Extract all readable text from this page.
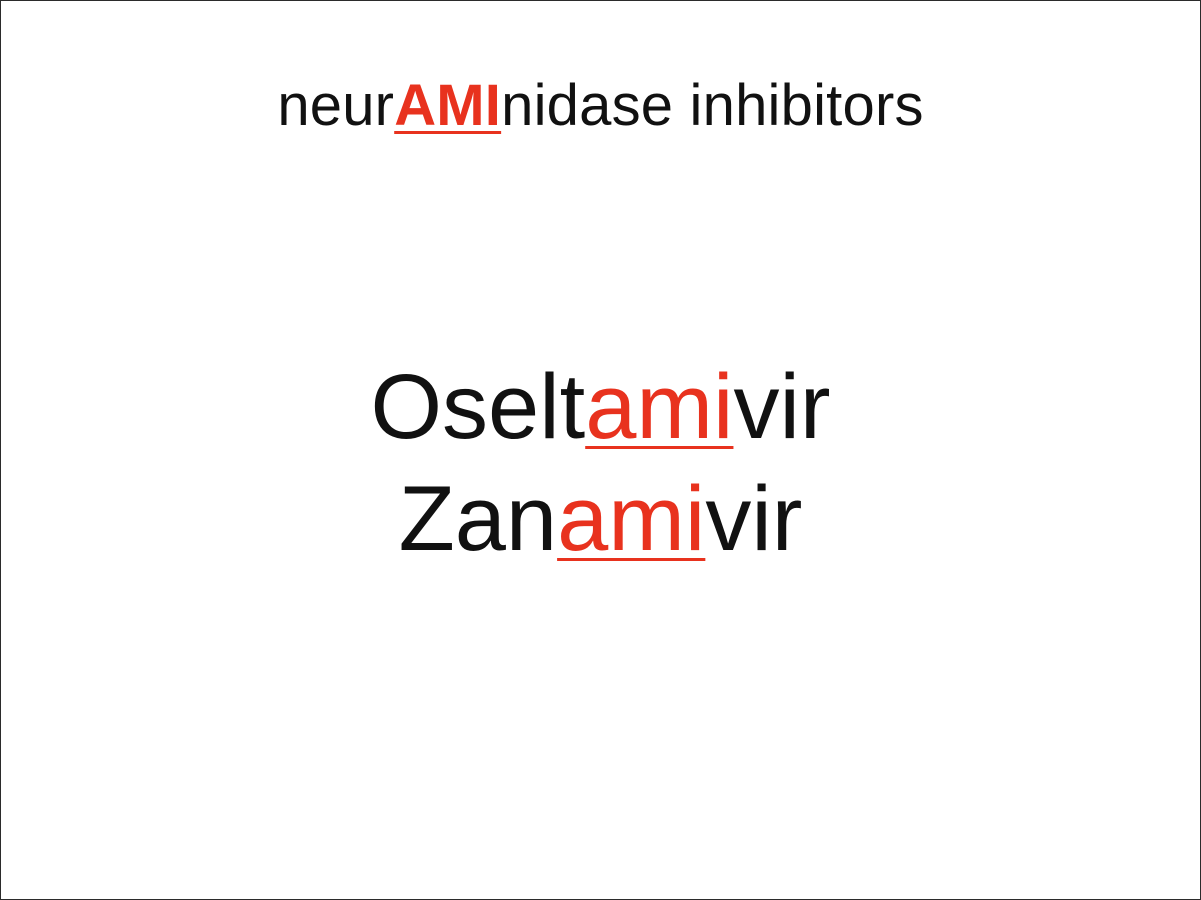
neurAMInidase inhibitors
Oseltamivir
Zanamivir
